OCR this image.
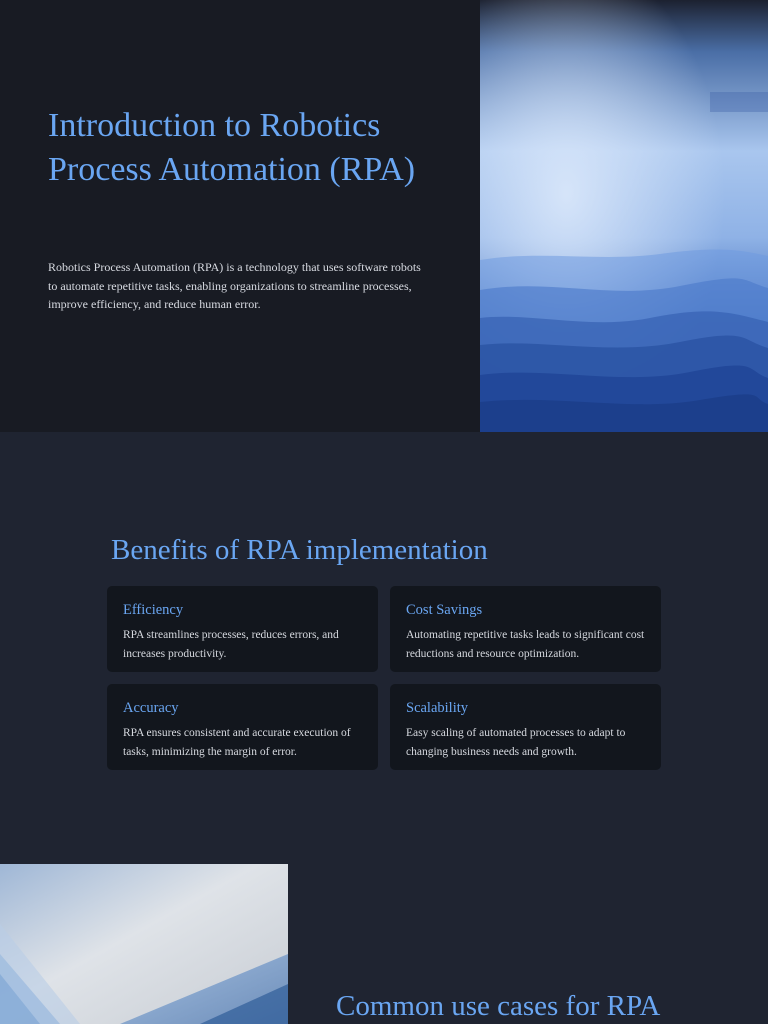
Introduction to Robotics Process Automation (RPA)

Robotics Process Automation (RPA) is a technology that uses software robots to automate repetitive tasks, enabling organizations to streamline processes, improve efficiency, and reduce human error.

Benefits of RPA implementation
Efficiency
RPA streamlines processes, reduces errors, and increases productivity.
Cost Savings
Automating repetitive tasks leads to significant cost reductions and resource optimization.
Accuracy
RPA ensures consistent and accurate execution of tasks, minimizing the margin of error.
Scalability
Easy scaling of automated processes to adapt to changing business needs and growth.
Common use cases for RPA
